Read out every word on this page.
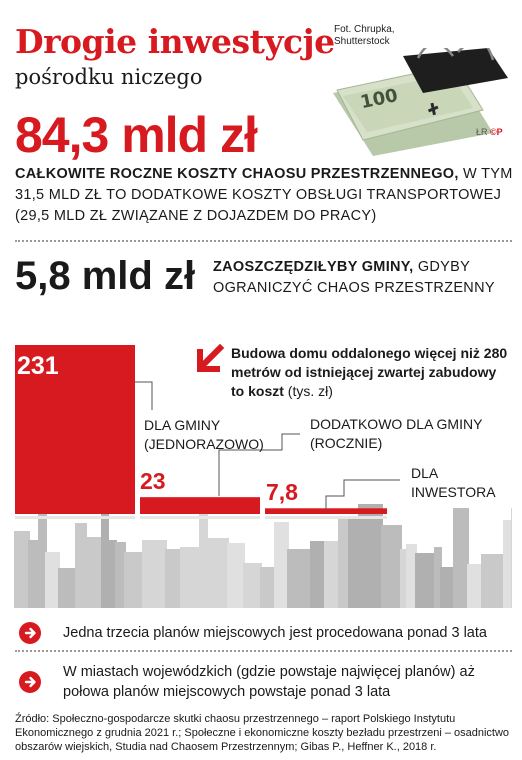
Drogie inwestycje
pośrodku niczego
Fot. Chrupka,
Shutterstock
100
ŁR ©P
84,3 mld zł
CAŁKOWITE ROCZNE KOSZTY CHAOSU PRZESTRZENNEGO, W TYM 31,5 MLD ZŁ TO DODATKOWE KOSZTY OBSŁUGI TRANSPORTOWEJ (29,5 MLD ZŁ ZWIĄZANE Z DOJAZDEM DO PRACY)
5,8 mld zł ZAOSZCZĘDZIŁYBY GMINY, GDYBY OGRANICZYĆ CHAOS PRZESTRZENNY
231
23	7,8
Budowa domu oddalonego więcej niż 280 metrów od istniejącej zwartej zabudowy to koszt (tys. zł)
DLA GMINY
(JEDNORAZOWO)
DODATKOWO DLA GMINY
(ROCZNIE)
DLA
INWESTORA
Jedna trzecia planów miejscowych jest procedowana ponad 3 lata
W miastach wojewódzkich (gdzie powstaje najwięcej planów) aż połowa planów miejscowych powstaje ponad 3 lata
Źródło: Społeczno-gospodarcze skutki chaosu przestrzennego – raport Polskiego Instytutu Ekonomicznego z grudnia 2021 r.; Społeczne i ekonomiczne koszty bezładu przestrzeni – osadnictwo obszarów wiejskich, Studia nad Chaosem Przestrzennym; Gibas P., Heffner K., 2018 r.
